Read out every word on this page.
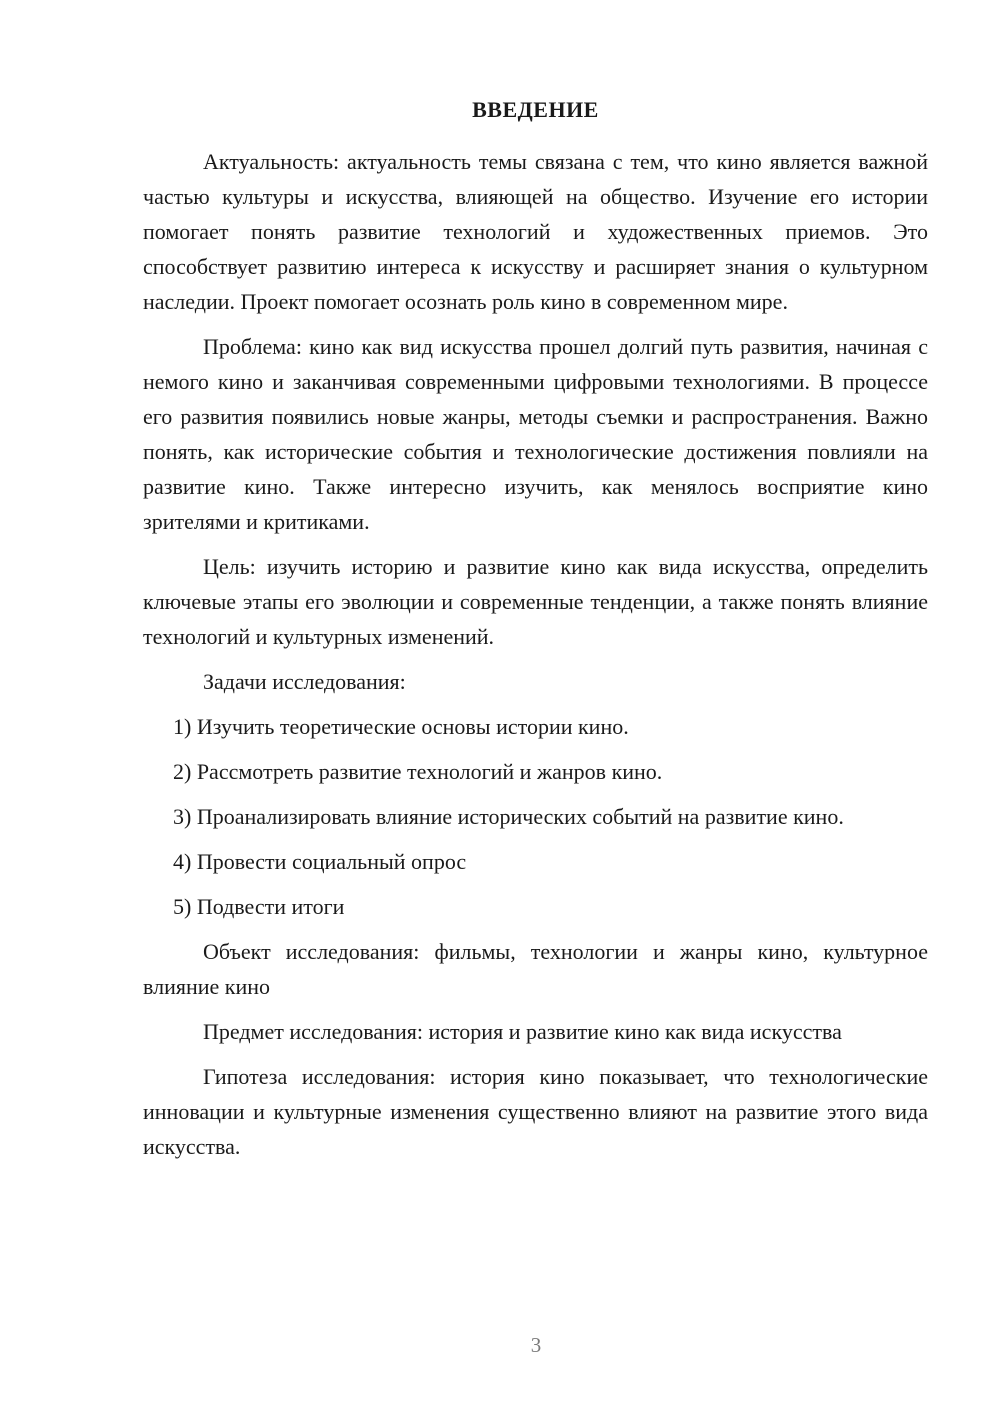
ВВЕДЕНИЕ

Актуальность: актуальность темы связана с тем, что кино является важной частью культуры и искусства, влияющей на общество. Изучение его истории помогает понять развитие технологий и художественных приемов. Это способствует развитию интереса к искусству и расширяет знания о культурном наследии. Проект помогает осознать роль кино в современном мире.

Проблема: кино как вид искусства прошел долгий путь развития, начиная с немого кино и заканчивая современными цифровыми технологиями. В процессе его развития появились новые жанры, методы съемки и распространения. Важно понять, как исторические события и технологические достижения повлияли на развитие кино. Также интересно изучить, как менялось восприятие кино зрителями и критиками.

Цель: изучить историю и развитие кино как вида искусства, определить ключевые этапы его эволюции и современные тенденции, а также понять влияние технологий и культурных изменений.

Задачи исследования:

1) Изучить теоретические основы истории кино.

2) Рассмотреть развитие технологий и жанров кино.

3) Проанализировать влияние исторических событий на развитие кино.

4) Провести социальный опрос

5) Подвести итоги

Объект исследования: фильмы, технологии и жанры кино, культурное влияние кино

Предмет исследования: история и развитие кино как вида искусства

Гипотеза исследования: история кино показывает, что технологические инновации и культурные изменения существенно влияют на развитие этого вида искусства.

3
